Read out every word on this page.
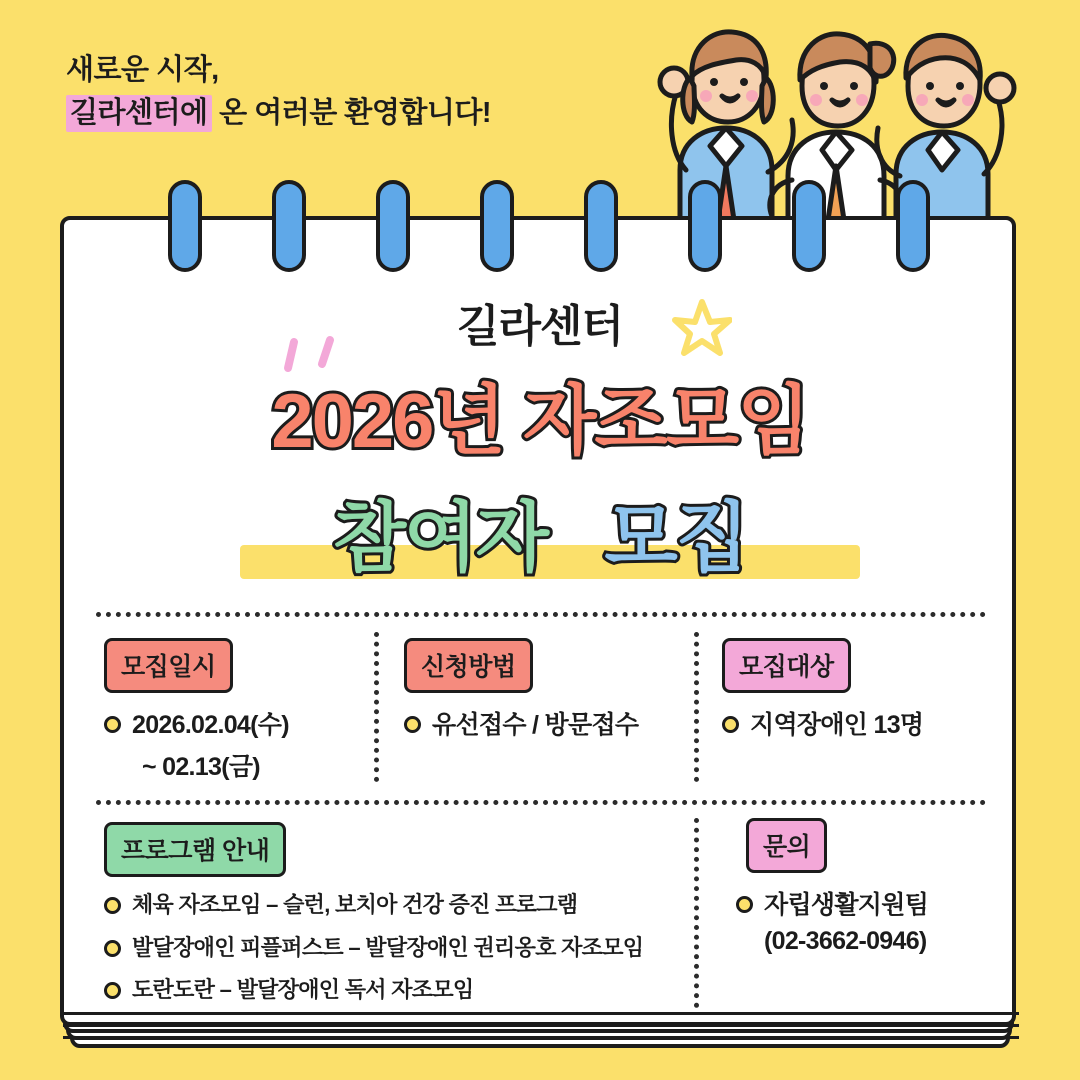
새로운 시작,
길라센터에 온 여러분 환영합니다!
길라센터
2026년 자조모임
참여자 모집
모집일시
2026.02.04(수)
~ 02.13(금)
신청방법
유선접수 / 방문접수
모집대상
지역장애인 13명
프로그램 안내
체육 자조모임 – 슬런, 보치아 건강 증진 프로그램
발달장애인 피플퍼스트 – 발달장애인 권리옹호 자조모임
도란도란 – 발달장애인 독서 자조모임
문의
자립생활지원팀
(02-3662-0946)
